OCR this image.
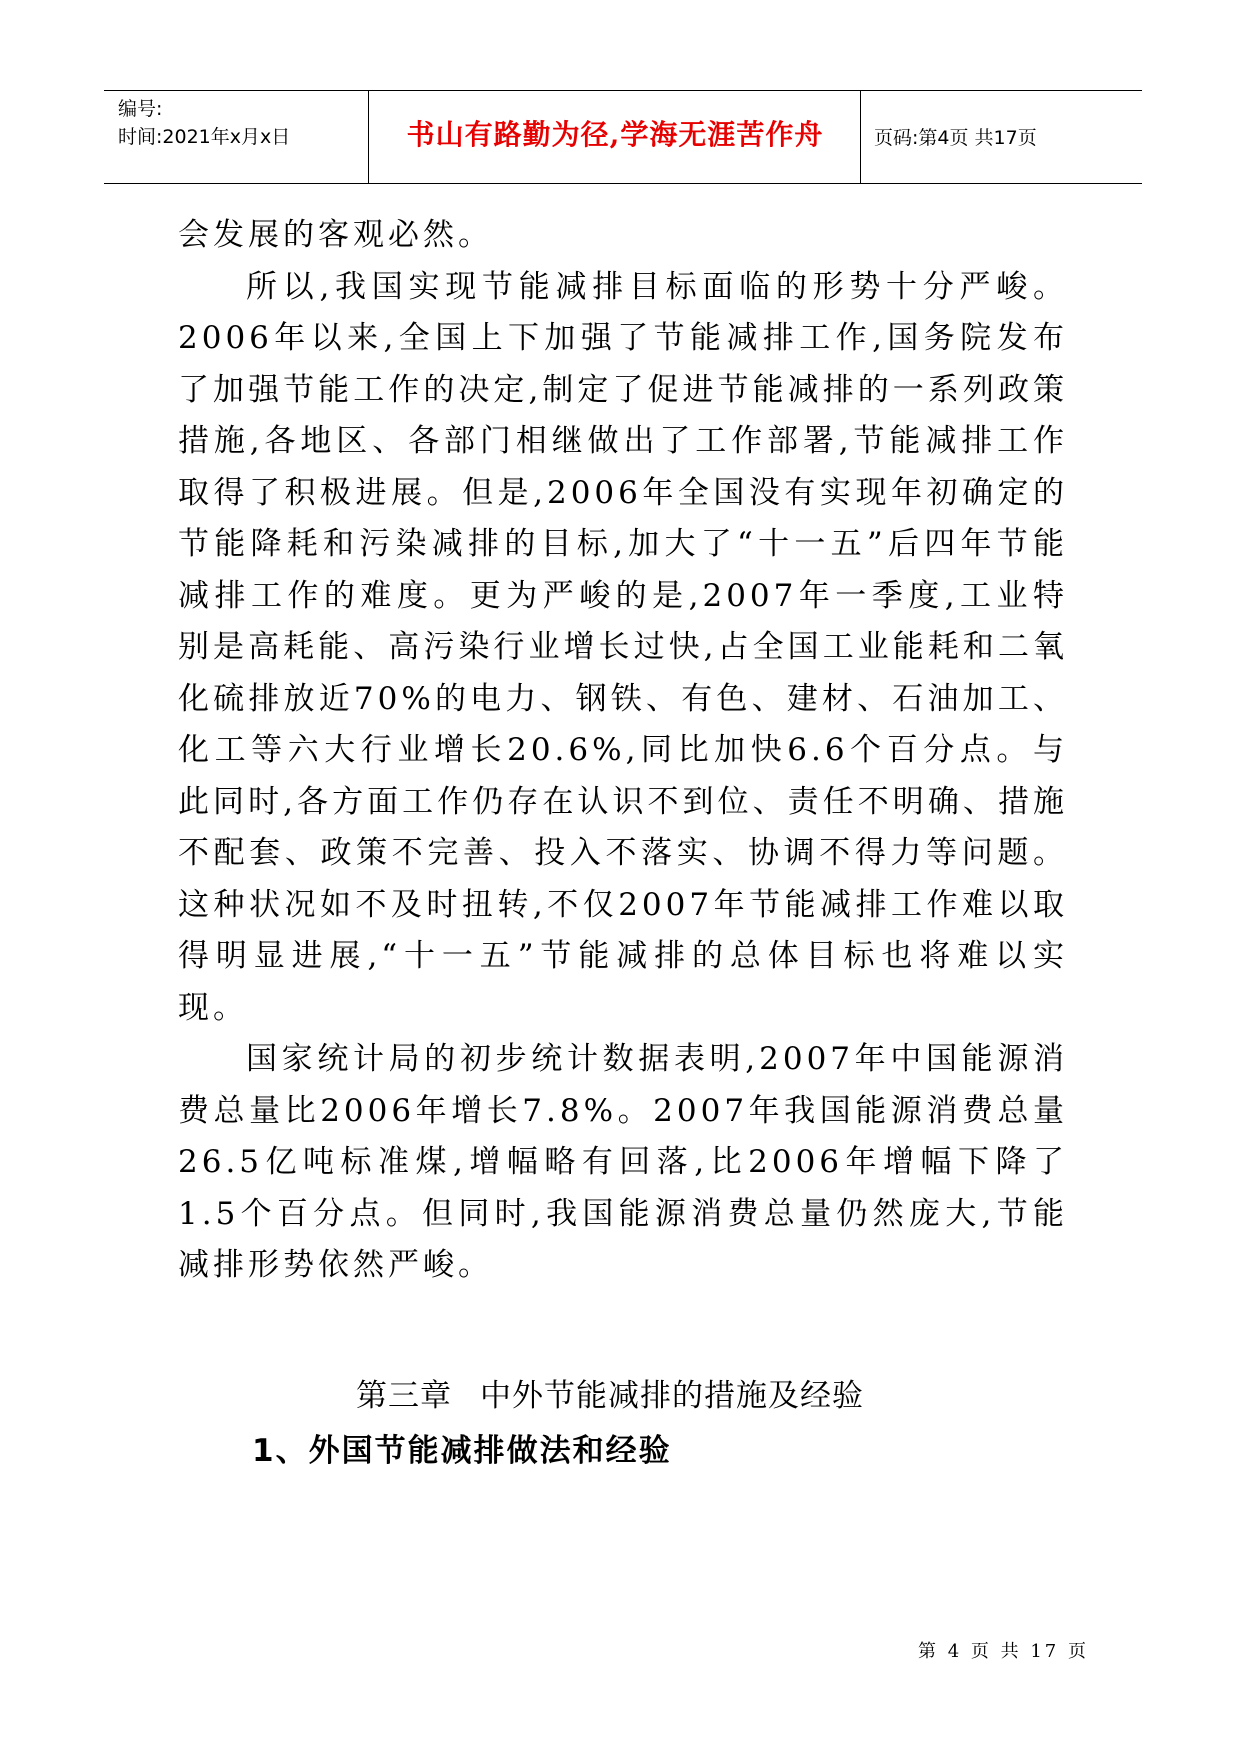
编号:
时间:2021年x月x日	书山有路勤为径,学海无涯苦作舟	页码:第4页 共17页

会发展的客观必然。

所以,我国实现节能减排目标面临的形势十分严峻。2006年以来,全国上下加强了节能减排工作,国务院发布了加强节能工作的决定,制定了促进节能减排的一系列政策措施,各地区、各部门相继做出了工作部署,节能减排工作取得了积极进展。但是,2006年全国没有实现年初确定的节能降耗和污染减排的目标,加大了“十一五”后四年节能减排工作的难度。更为严峻的是,2007年一季度,工业特别是高耗能、高污染行业增长过快,占全国工业能耗和二氧化硫排放近70%的电力、钢铁、有色、建材、石油加工、化工等六大行业增长20.6%,同比加快6.6个百分点。与此同时,各方面工作仍存在认识不到位、责任不明确、措施不配套、政策不完善、投入不落实、协调不得力等问题。这种状况如不及时扭转,不仅2007年节能减排工作难以取得明显进展,“十一五”节能减排的总体目标也将难以实现。

国家统计局的初步统计数据表明,2007年中国能源消费总量比2006年增长7.8%。2007年我国能源消费总量26.5亿吨标准煤,增幅略有回落,比2006年增幅下降了1.5个百分点。但同时,我国能源消费总量仍然庞大,节能减排形势依然严峻。

第三章 中外节能减排的措施及经验
1、外国节能减排做法和经验
第 4 页 共 17 页
